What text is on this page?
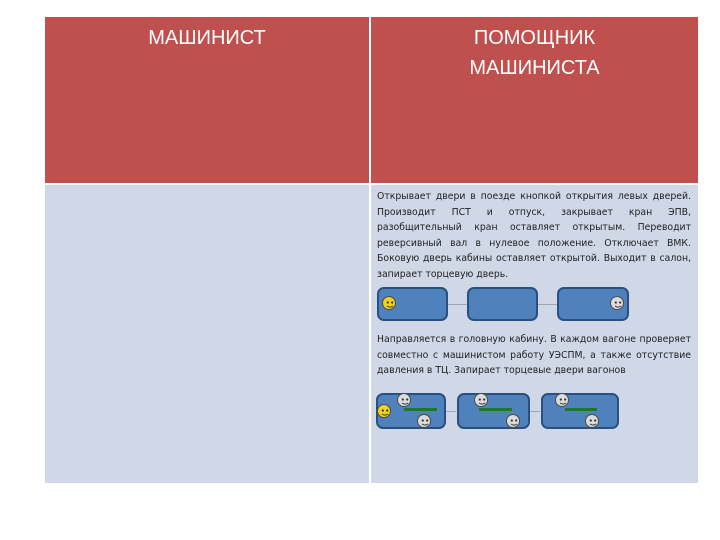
МАШИНИСТ	ПОМОЩНИК
МАШИНИСТА
Открывает двери в поезде кнопкой открытия левых дверей. Производит ПСТ и отпуск, закрывает кран ЭПВ, разобщительный кран оставляет открытым. Переводит реверсивный вал в нулевое положение. Отключает ВМК. Боковую дверь кабины оставляет открытой. Выходит в салон, запирает торцевую дверь.
Направляется в головную кабину. В каждом вагоне проверяет совместно с машинистом работу УЭСПМ, а также отсутствие давления в ТЦ. Запирает торцевые двери вагонов
